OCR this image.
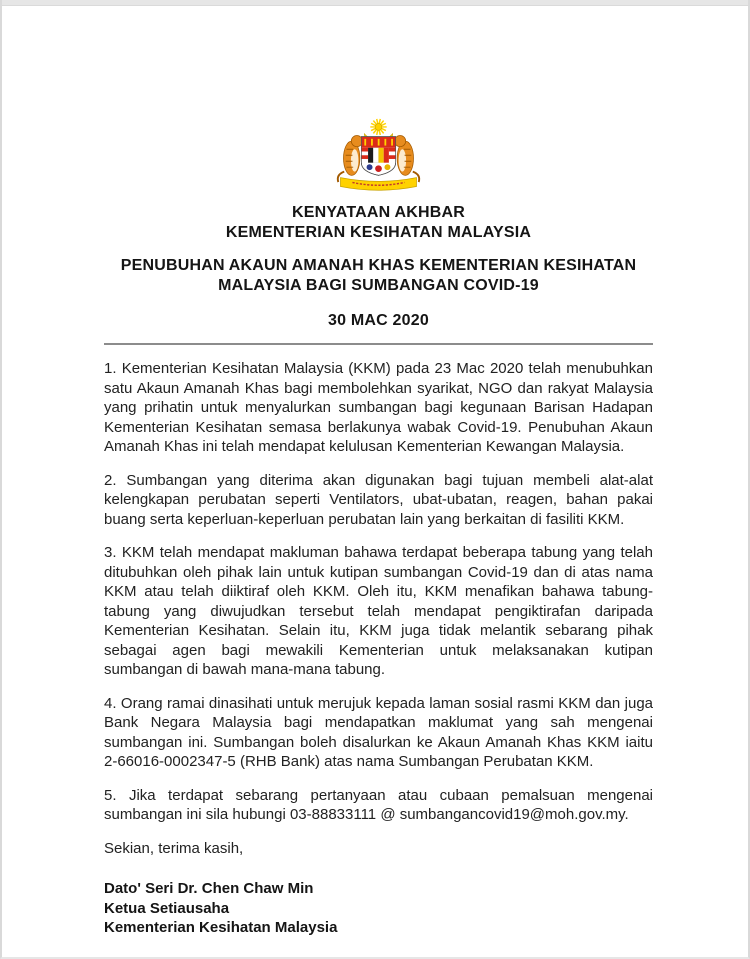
KENYATAAN AKHBAR
KEMENTERIAN KESIHATAN MALAYSIA
PENUBUHAN AKAUN AMANAH KHAS KEMENTERIAN KESIHATAN
MALAYSIA BAGI SUMBANGAN COVID-19
30 MAC 2020

1. Kementerian Kesihatan Malaysia (KKM) pada 23 Mac 2020 telah menubuhkan satu Akaun Amanah Khas bagi membolehkan syarikat, NGO dan rakyat Malaysia yang prihatin untuk menyalurkan sumbangan bagi kegunaan Barisan Hadapan Kementerian Kesihatan semasa berlakunya wabak Covid-19. Penubuhan Akaun Amanah Khas ini telah mendapat kelulusan Kementerian Kewangan Malaysia.

2. Sumbangan yang diterima akan digunakan bagi tujuan membeli alat-alat kelengkapan perubatan seperti Ventilators, ubat-ubatan, reagen, bahan pakai buang serta keperluan-keperluan perubatan lain yang berkaitan di fasiliti KKM.

3. KKM telah mendapat makluman bahawa terdapat beberapa tabung yang telah ditubuhkan oleh pihak lain untuk kutipan sumbangan Covid-19 dan di atas nama KKM atau telah diiktiraf oleh KKM. Oleh itu, KKM menafikan bahawa tabung-tabung yang diwujudkan tersebut telah mendapat pengiktirafan daripada Kementerian Kesihatan. Selain itu, KKM juga tidak melantik sebarang pihak sebagai agen bagi mewakili Kementerian untuk melaksanakan kutipan sumbangan di bawah mana-mana tabung.

4. Orang ramai dinasihati untuk merujuk kepada laman sosial rasmi KKM dan juga Bank Negara Malaysia bagi mendapatkan maklumat yang sah mengenai sumbangan ini. Sumbangan boleh disalurkan ke Akaun Amanah Khas KKM iaitu 2-66016-0002347-5 (RHB Bank) atas nama Sumbangan Perubatan KKM.

5. Jika terdapat sebarang pertanyaan atau cubaan pemalsuan mengenai sumbangan ini sila hubungi 03-88833111 @ sumbangancovid19@moh.gov.my.

Sekian, terima kasih,
Dato' Seri Dr. Chen Chaw Min
Ketua Setiausaha
Kementerian Kesihatan Malaysia
